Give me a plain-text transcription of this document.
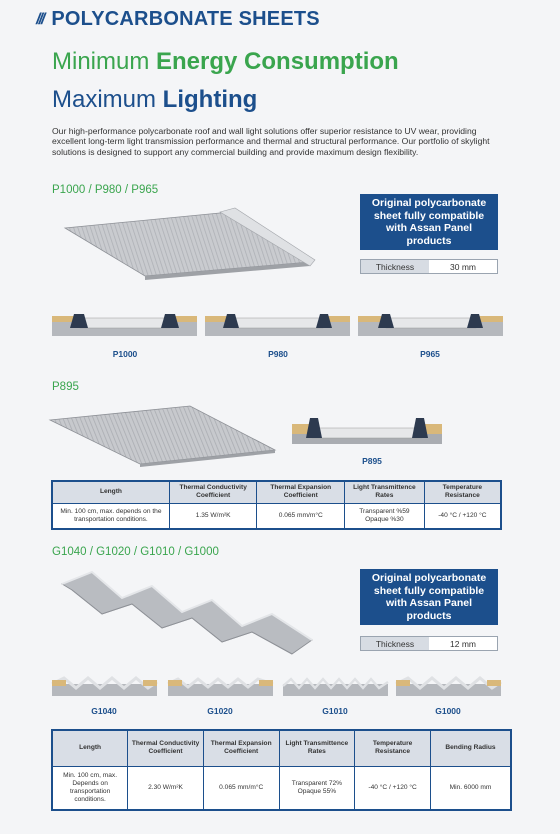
/// POLYCARBONATE SHEETS
Minimum Energy Consumption
Maximum Lighting

Our high-performance polycarbonate roof and wall light solutions offer superior resistance to UV wear, providing excellent long-term light transmission performance and thermal and structural performance. Our portfolio of skylight solutions is designed to support any commercial building and provide maximum design flexibility.

P1000 / P980 / P965
Original polycarbonate sheet fully compatible with Assan Panel products
Thickness	30 mm
P1000	P980	P965
P895
P895
Length	Thermal Conductivity Coefficient	Thermal Expansion Coefficient	Light Transmittence Rates	Temperature Resistance
Min. 100 cm, max. depends on the transportation conditions.	1.35 W/m²K	0.065 mm/m°C	Transparent %59 Opaque %30	-40 °C / +120 °C
G1040 / G1020 / G1010 / G1000
Original polycarbonate sheet fully compatible with Assan Panel products
Thickness	12 mm
G1040	G1020	G1010	G1000
Length	Thermal Conductivity Coefficient	Thermal Expansion Coefficient	Light Transmittence Rates	Temperature Resistance	Bending Radius
Min. 100 cm, max. Depends on transportation conditions.	2.30 W/m²K	0.065 mm/m°C	Transparent 72% Opaque 55%	-40 °C / +120 °C	Min. 6000 mm
